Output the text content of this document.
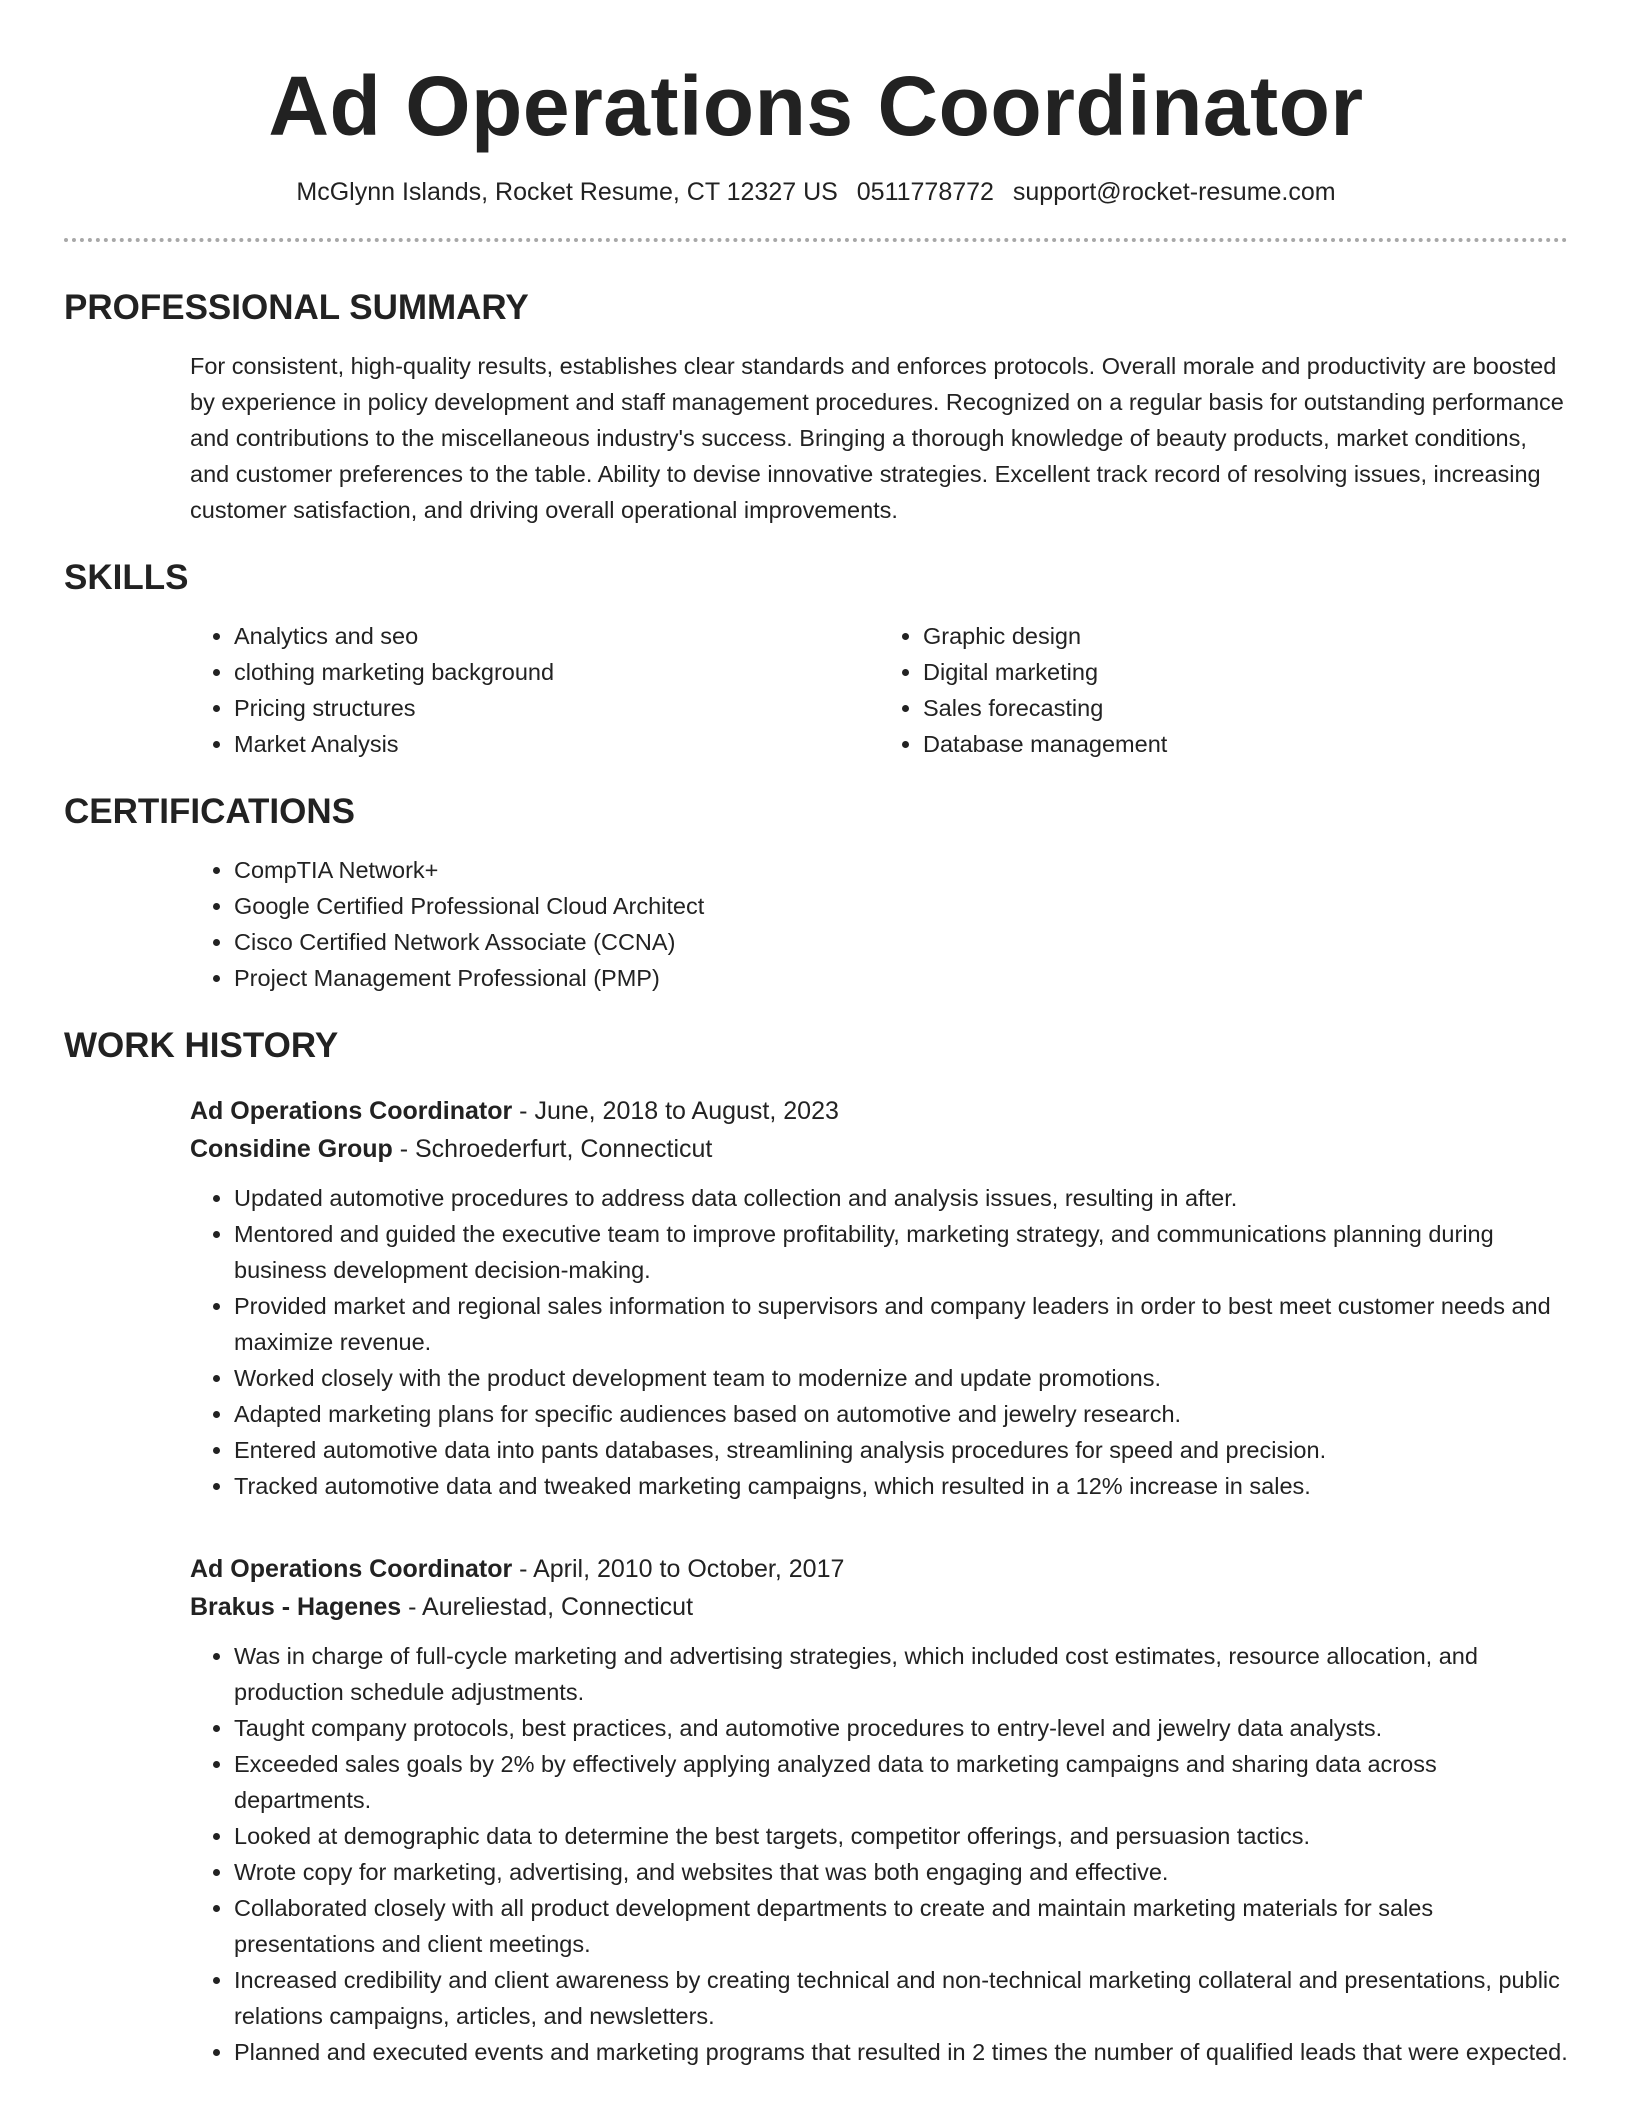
Ad Operations Coordinator
McGlynn Islands, Rocket Resume, CT 12327 US 0511778772 support@rocket-resume.com
PROFESSIONAL SUMMARY
For consistent, high-quality results, establishes clear standards and enforces protocols. Overall morale and productivity are boosted by experience in policy development and staff management procedures. Recognized on a regular basis for outstanding performance and contributions to the miscellaneous industry's success. Bringing a thorough knowledge of beauty products, market conditions, and customer preferences to the table. Ability to devise innovative strategies. Excellent track record of resolving issues, increasing customer satisfaction, and driving overall operational improvements.
SKILLS
• Analytics and seo
• clothing marketing background
• Pricing structures
• Market Analysis
• Graphic design
• Digital marketing
• Sales forecasting
• Database management
CERTIFICATIONS
• CompTIA Network+
• Google Certified Professional Cloud Architect
• Cisco Certified Network Associate (CCNA)
• Project Management Professional (PMP)
WORK HISTORY
Ad Operations Coordinator - June, 2018 to August, 2023
Considine Group - Schroederfurt, Connecticut
• Updated automotive procedures to address data collection and analysis issues, resulting in after.
• Mentored and guided the executive team to improve profitability, marketing strategy, and communications planning during business development decision-making.
• Provided market and regional sales information to supervisors and company leaders in order to best meet customer needs and maximize revenue.
• Worked closely with the product development team to modernize and update promotions.
• Adapted marketing plans for specific audiences based on automotive and jewelry research.
• Entered automotive data into pants databases, streamlining analysis procedures for speed and precision.
• Tracked automotive data and tweaked marketing campaigns, which resulted in a 12% increase in sales.
Ad Operations Coordinator - April, 2010 to October, 2017
Brakus - Hagenes - Aureliestad, Connecticut
• Was in charge of full-cycle marketing and advertising strategies, which included cost estimates, resource allocation, and production schedule adjustments.
• Taught company protocols, best practices, and automotive procedures to entry-level and jewelry data analysts.
• Exceeded sales goals by 2% by effectively applying analyzed data to marketing campaigns and sharing data across departments.
• Looked at demographic data to determine the best targets, competitor offerings, and persuasion tactics.
• Wrote copy for marketing, advertising, and websites that was both engaging and effective.
• Collaborated closely with all product development departments to create and maintain marketing materials for sales presentations and client meetings.
• Increased credibility and client awareness by creating technical and non-technical marketing collateral and presentations, public relations campaigns, articles, and newsletters.
• Planned and executed events and marketing programs that resulted in 2 times the number of qualified leads that were expected.
